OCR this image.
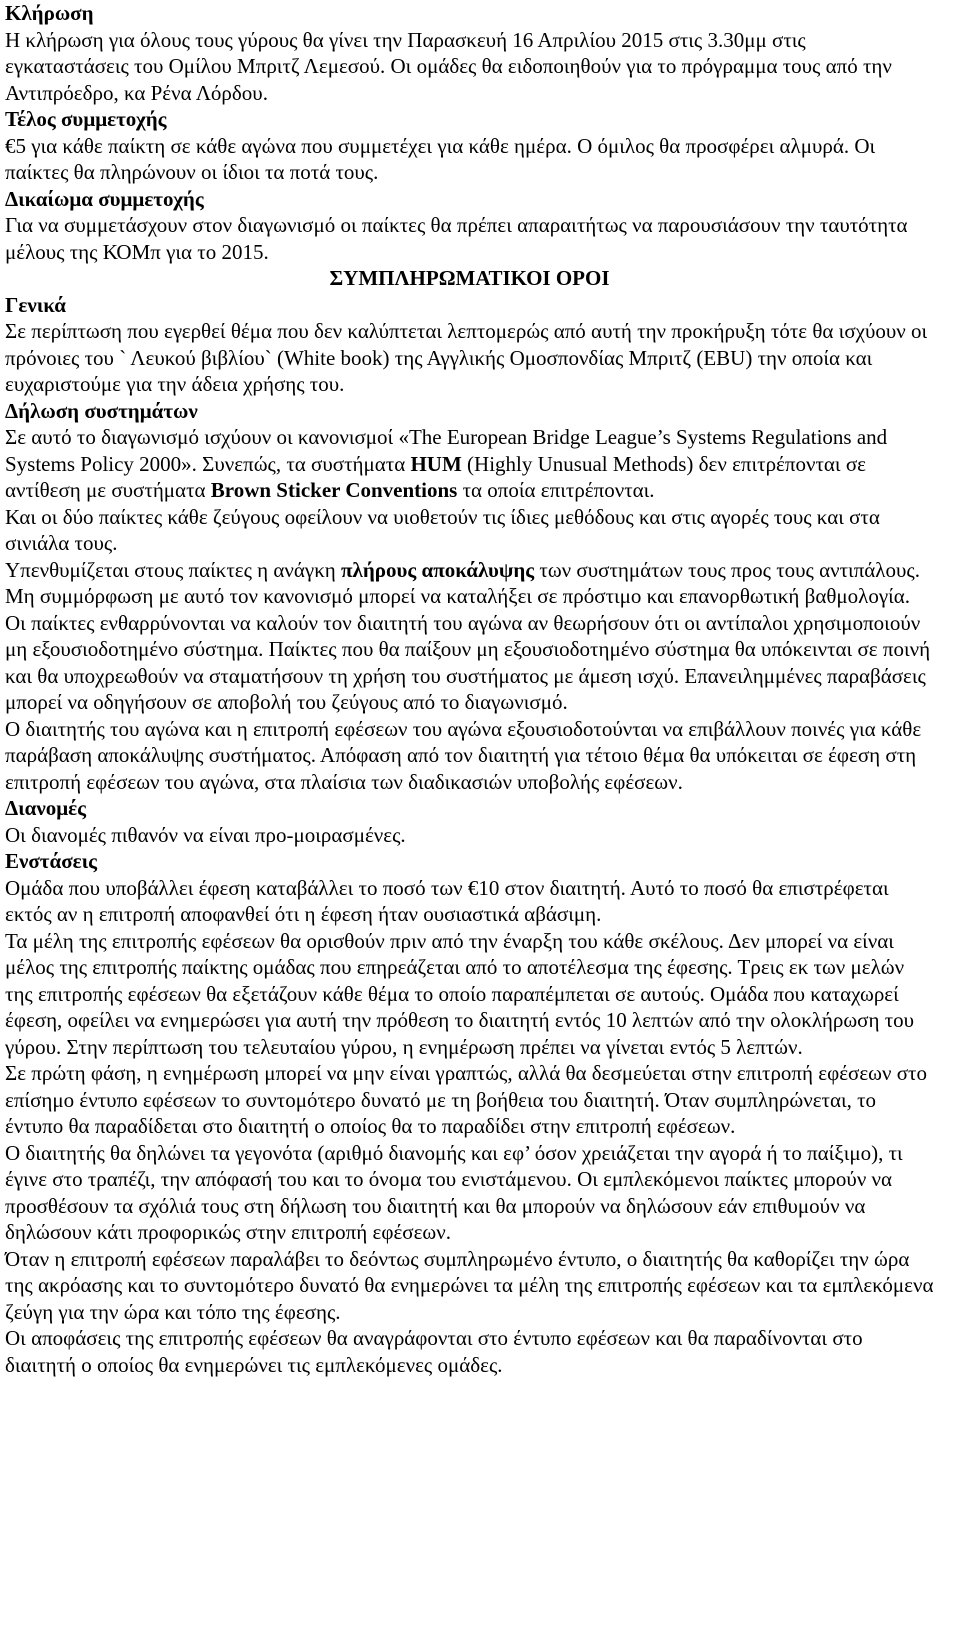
Κλήρωση

Η κλήρωση για όλους τους γύρους θα γίνει την Παρασκευή 16 Απριλίου 2015 στις 3.30μμ στις εγκαταστάσεις του Ομίλου Μπριτζ Λεμεσού. Οι ομάδες θα ειδοποιηθούν για το πρόγραμμα τους από την Αντιπρόεδρο, κα Ρένα Λόρδου.

Τέλος συμμετοχής

€5 για κάθε παίκτη σε κάθε αγώνα που συμμετέχει για κάθε ημέρα. Ο όμιλος θα προσφέρει αλμυρά. Οι παίκτες θα πληρώνουν οι ίδιοι τα ποτά τους.

Δικαίωμα συμμετοχής

Για να συμμετάσχουν στον διαγωνισμό οι παίκτες θα πρέπει απαραιτήτως να παρουσιάσουν την ταυτότητα μέλους της ΚΟΜπ για το 2015.

ΣΥΜΠΛΗΡΩΜΑΤΙΚΟΙ ΟΡΟΙ

Γενικά

Σε περίπτωση που εγερθεί θέμα που δεν καλύπτεται λεπτομερώς από αυτή την προκήρυξη τότε θα ισχύουν οι πρόνοιες του ` Λευκού βιβλίου` (White book) της Αγγλικής Ομοσπονδίας Μπριτζ (EBU) την οποία και ευχαριστούμε για την άδεια χρήσης του.

Δήλωση συστημάτων

Σε αυτό το διαγωνισμό ισχύουν οι κανονισμοί «The European Bridge League’s Systems Regulations and Systems Policy 2000». Συνεπώς, τα συστήματα HUM (Highly Unusual Methods) δεν επιτρέπονται σε αντίθεση με συστήματα Brown Sticker Conventions τα οποία επιτρέπονται.

Και οι δύο παίκτες κάθε ζεύγους οφείλουν να υιοθετούν τις ίδιες μεθόδους και στις αγορές τους και στα σινιάλα τους.

Υπενθυμίζεται στους παίκτες η ανάγκη πλήρους αποκάλυψης των συστημάτων τους προς τους αντιπάλους. Μη συμμόρφωση με αυτό τον κανονισμό μπορεί να καταλήξει σε πρόστιμο και επανορθωτική βαθμολογία.

Οι παίκτες ενθαρρύνονται να καλούν τον διαιτητή του αγώνα αν θεωρήσουν ότι οι αντίπαλοι χρησιμοποιούν μη εξουσιοδοτημένο σύστημα. Παίκτες που θα παίξουν μη εξουσιοδοτημένο σύστημα θα υπόκεινται σε ποινή και θα υποχρεωθούν να σταματήσουν τη χρήση του συστήματος με άμεση ισχύ. Επανειλημμένες παραβάσεις μπορεί να οδηγήσουν σε αποβολή του ζεύγους από το διαγωνισμό.

Ο διαιτητής του αγώνα και η επιτροπή εφέσεων του αγώνα εξουσιοδοτούνται να επιβάλλουν ποινές για κάθε παράβαση αποκάλυψης συστήματος. Απόφαση από τον διαιτητή για τέτοιο θέμα θα υπόκειται σε έφεση στη επιτροπή εφέσεων του αγώνα, στα πλαίσια των διαδικασιών υποβολής εφέσεων.

Διανομές

Οι διανομές πιθανόν να είναι προ-μοιρασμένες.

Ενστάσεις

Ομάδα που υποβάλλει έφεση καταβάλλει το ποσό των €10 στον διαιτητή. Αυτό το ποσό θα επιστρέφεται εκτός αν η επιτροπή αποφανθεί ότι η έφεση ήταν ουσιαστικά αβάσιμη.

Τα μέλη της επιτροπής εφέσεων θα ορισθούν πριν από την έναρξη του κάθε σκέλους. Δεν μπορεί να είναι μέλος της επιτροπής παίκτης ομάδας που επηρεάζεται από το αποτέλεσμα της έφεσης. Τρεις εκ των μελών της επιτροπής εφέσεων θα εξετάζουν κάθε θέμα το οποίο παραπέμπεται σε αυτούς. Ομάδα που καταχωρεί έφεση, οφείλει να ενημερώσει για αυτή την πρόθεση το διαιτητή εντός 10 λεπτών από την ολοκλήρωση του γύρου. Στην περίπτωση του τελευταίου γύρου, η ενημέρωση πρέπει να γίνεται εντός 5 λεπτών.

Σε πρώτη φάση, η ενημέρωση μπορεί να μην είναι γραπτώς, αλλά θα δεσμεύεται στην επιτροπή εφέσεων στο επίσημο έντυπο εφέσεων το συντομότερο δυνατό με τη βοήθεια του διαιτητή. Όταν συμπληρώνεται, το έντυπο θα παραδίδεται στο διαιτητή ο οποίος θα το παραδίδει στην επιτροπή εφέσεων.

Ο διαιτητής θα δηλώνει τα γεγονότα (αριθμό διανομής και εφ’ όσον χρειάζεται την αγορά ή το παίξιμο), τι έγινε στο τραπέζι, την απόφασή του και το όνομα του ενιστάμενου. Οι εμπλεκόμενοι παίκτες μπορούν να προσθέσουν τα σχόλιά τους στη δήλωση του διαιτητή και θα μπορούν να δηλώσουν εάν επιθυμούν να δηλώσουν κάτι προφορικώς στην επιτροπή εφέσεων.

Όταν η επιτροπή εφέσεων παραλάβει το δεόντως συμπληρωμένο έντυπο, ο διαιτητής θα καθορίζει την ώρα της ακρόασης και το συντομότερο δυνατό θα ενημερώνει τα μέλη της επιτροπής εφέσεων και τα εμπλεκόμενα ζεύγη για την ώρα και τόπο της έφεσης.

Οι αποφάσεις της επιτροπής εφέσεων θα αναγράφονται στο έντυπο εφέσεων και θα παραδίνονται στο διαιτητή ο οποίος θα ενημερώνει τις εμπλεκόμενες ομάδες.
